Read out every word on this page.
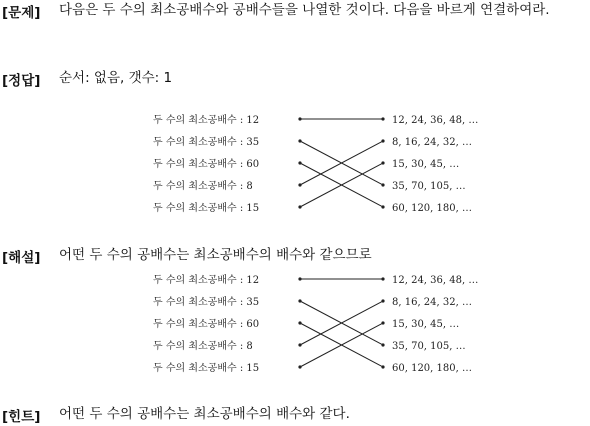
[문제] 다음은 두 수의 최소공배수와 공배수들을 나열한 것이다. 다음을 바르게 연결하여라.
[정답] 순서: 없음, 갯수: 1
두 수의 최소공배수 : 12
두 수의 최소공배수 : 35
두 수의 최소공배수 : 60
두 수의 최소공배수 : 8
두 수의 최소공배수 : 15
12, 24, 36, 48, …
8, 16, 24, 32, …
15, 30, 45, …
35, 70, 105, …
60, 120, 180, …
[해설] 어떤 두 수의 공배수는 최소공배수의 배수와 같으므로
두 수의 최소공배수 : 12
두 수의 최소공배수 : 35
두 수의 최소공배수 : 60
두 수의 최소공배수 : 8
두 수의 최소공배수 : 15
12, 24, 36, 48, …
8, 16, 24, 32, …
15, 30, 45, …
35, 70, 105, …
60, 120, 180, …
[힌트] 어떤 두 수의 공배수는 최소공배수의 배수와 같다.
